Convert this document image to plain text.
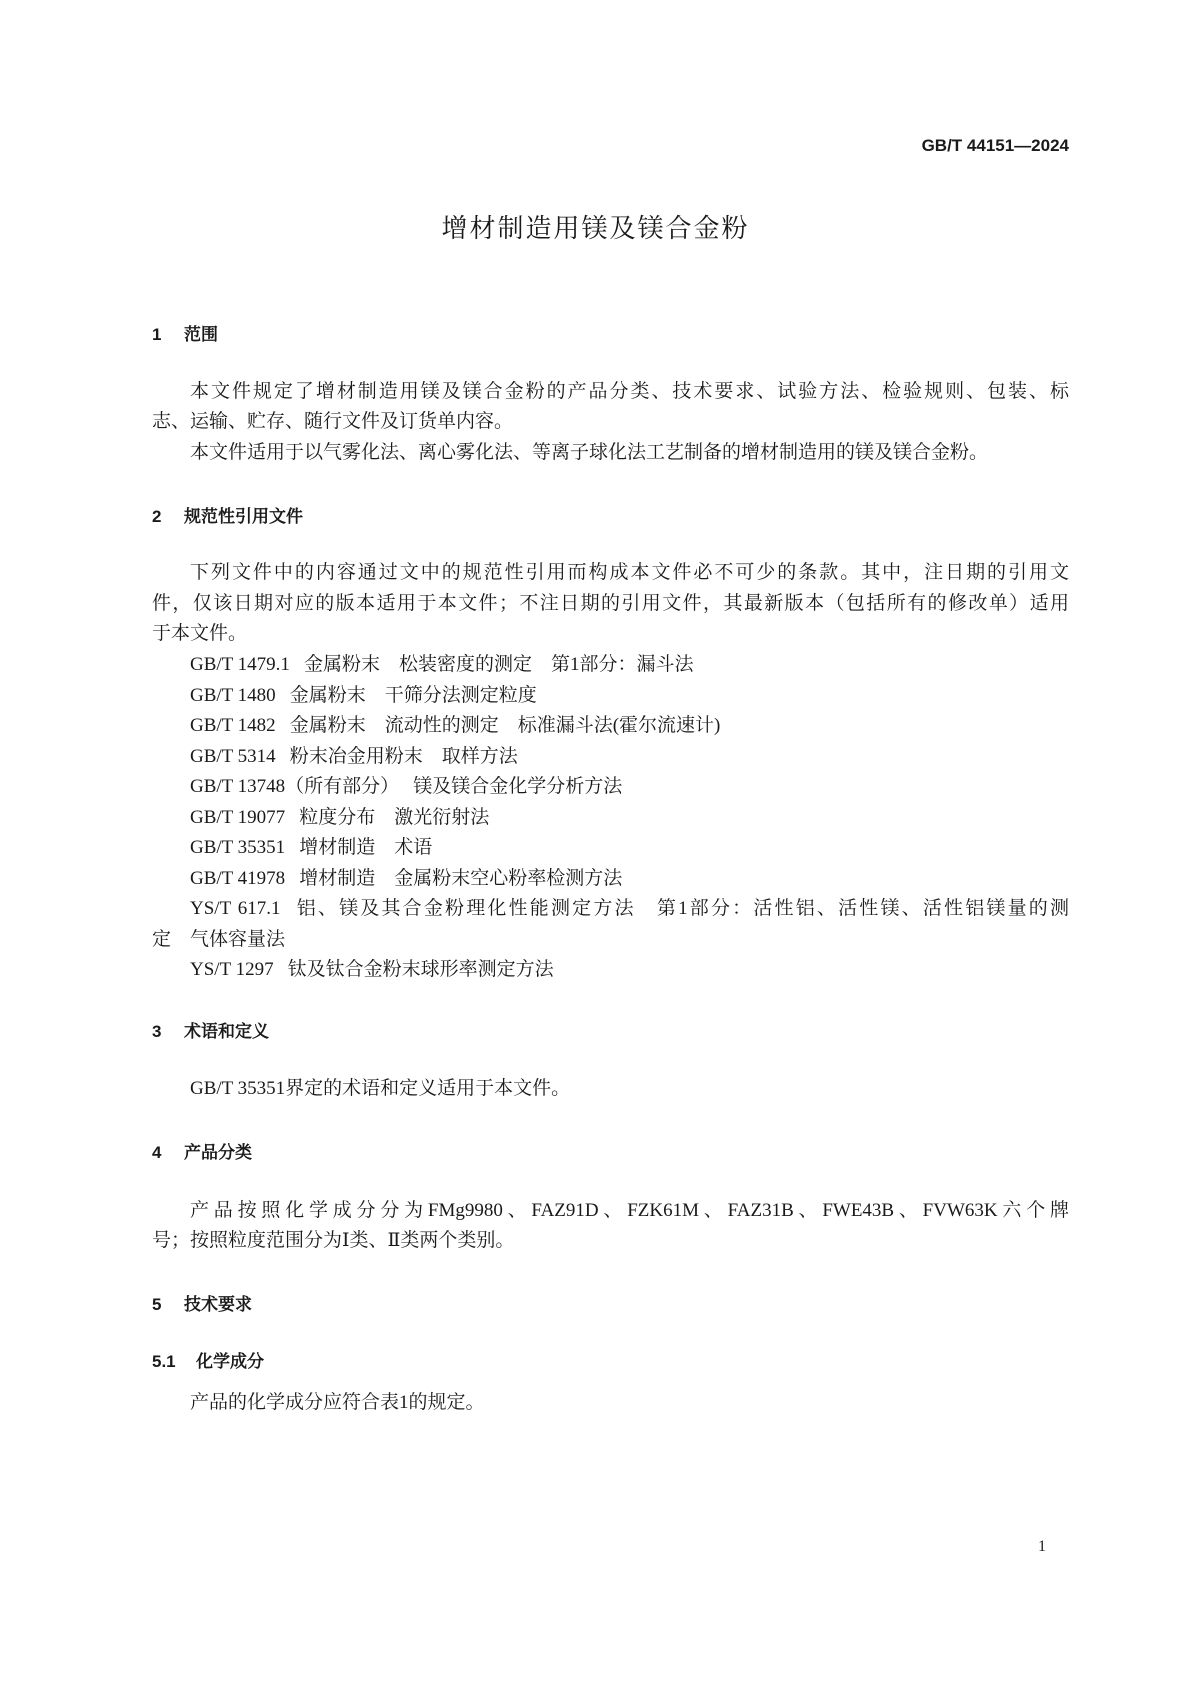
GB/T 44151—2024
增材制造用镁及镁合金粉
1 范围
本文件规定了增材制造用镁及镁合金粉的产品分类、技术要求、试验方法、检验规则、包装、标
志、运输、贮存、随行文件及订货单内容。
本文件适用于以气雾化法、离心雾化法、等离子球化法工艺制备的增材制造用的镁及镁合金粉。
2 规范性引用文件
下列文件中的内容通过文中的规范性引用而构成本文件必不可少的条款。其中，注日期的引用文
件，仅该日期对应的版本适用于本文件；不注日期的引用文件，其最新版本（包括所有的修改单）适用
于本文件。
GB/T 1479.1 金属粉末　松装密度的测定　第1部分：漏斗法
GB/T 1480 金属粉末　干筛分法测定粒度
GB/T 1482 金属粉末　流动性的测定　标准漏斗法(霍尔流速计)
GB/T 5314 粉末冶金用粉末　取样方法
GB/T 13748（所有部分） 镁及镁合金化学分析方法
GB/T 19077 粒度分布　激光衍射法
GB/T 35351 增材制造　术语
GB/T 41978 增材制造　金属粉末空心粉率检测方法
YS/T 617.1 铝、镁及其合金粉理化性能测定方法　第1部分：活性铝、活性镁、活性铝镁量的测
定　气体容量法
YS/T 1297 钛及钛合金粉末球形率测定方法
3 术语和定义
GB/T 35351界定的术语和定义适用于本文件。
4 产品分类
产品按照化学成分分为FMg9980、FAZ91D、FZK61M、FAZ31B、FWE43B、FVW63K六个牌
号；按照粒度范围分为Ⅰ类、Ⅱ类两个类别。
5 技术要求
5.1 化学成分
产品的化学成分应符合表1的规定。
1
